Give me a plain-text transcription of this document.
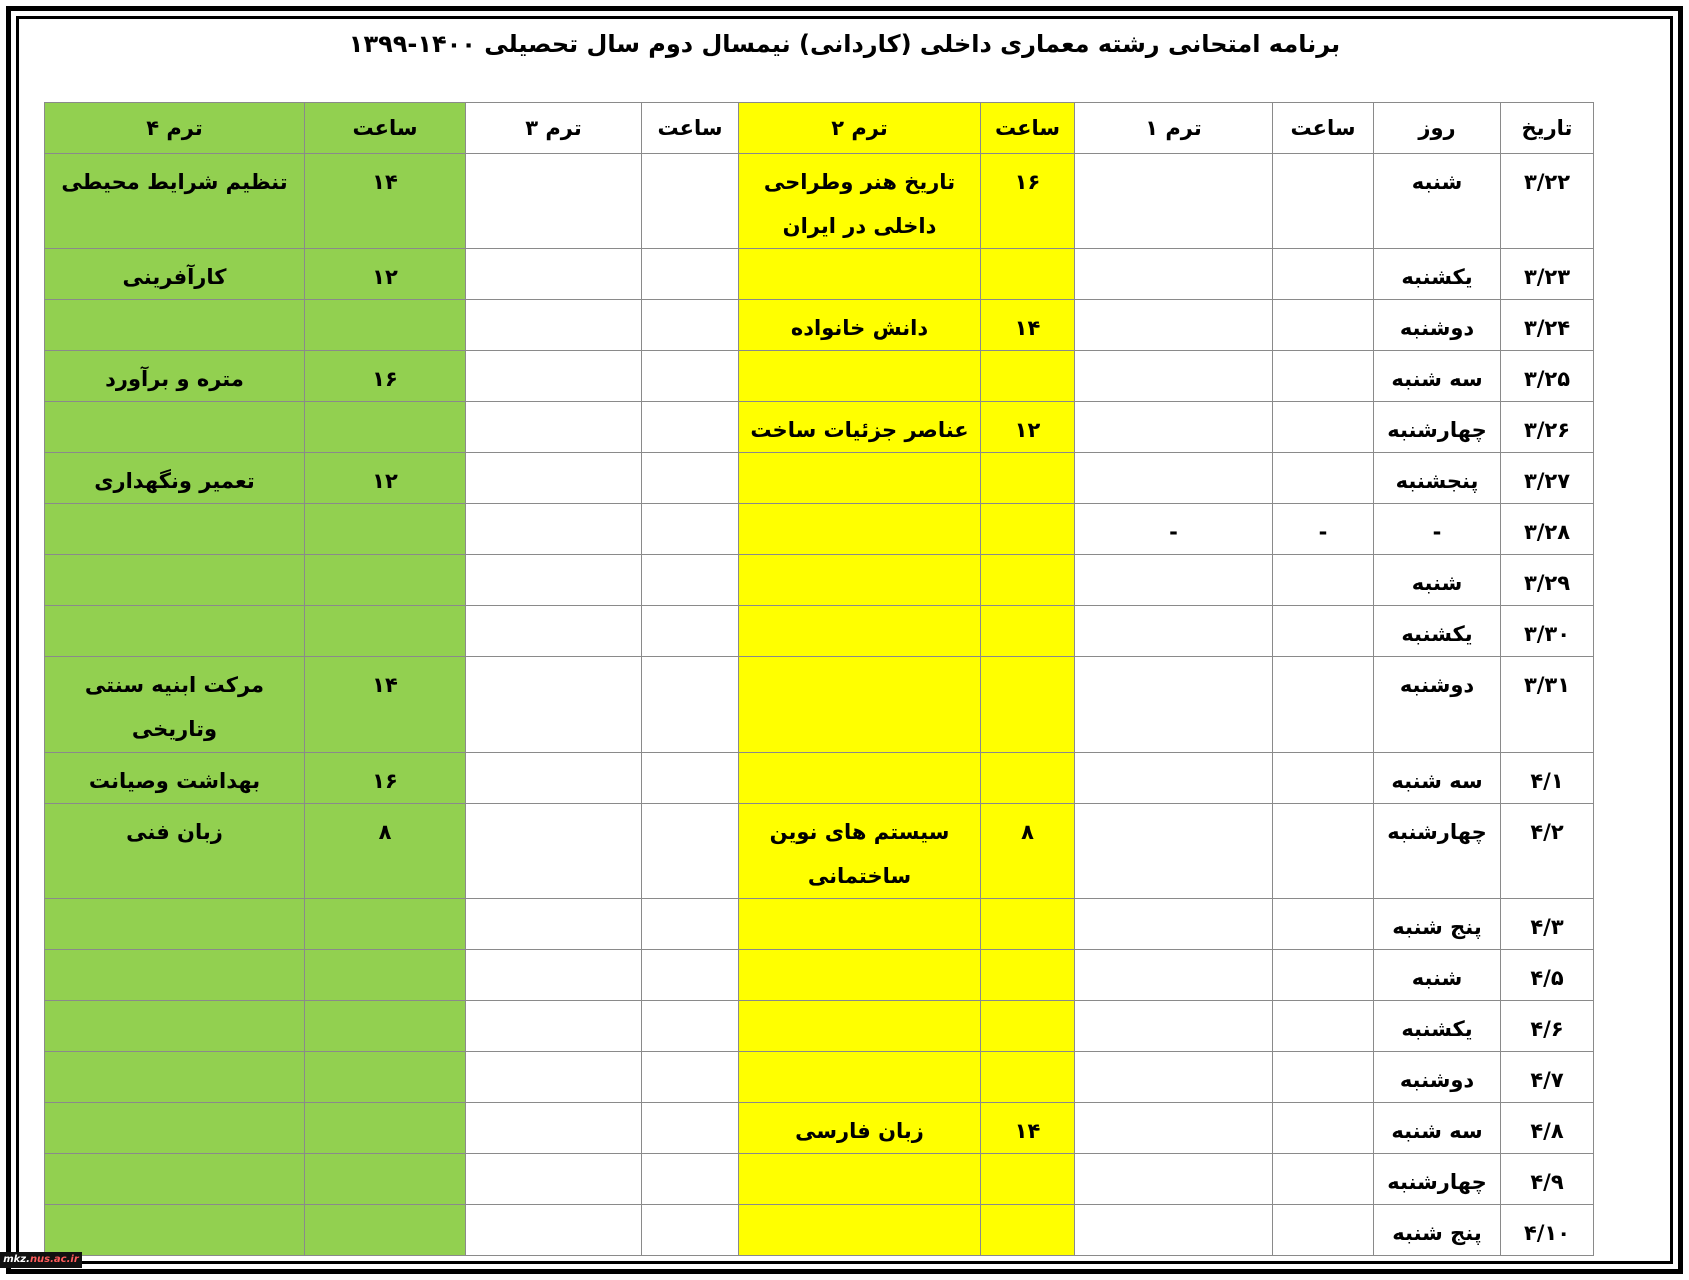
برنامه امتحانی رشته معماری داخلی (کاردانی) نیمسال دوم سال تحصیلی ۱۴۰۰-۱۳۹۹
تاریخ	روز	ساعت	ترم ۱	ساعت	ترم ۲	ساعت	ترم ۳	ساعت	ترم ۴
۳/۲۲	شنبه			۱۶	تاریخ هنر وطراحی داخلی در ایران			۱۴	تنظیم شرایط محیطی
۳/۲۳	یکشنبه							۱۲	کارآفرینی
۳/۲۴	دوشنبه			۱۴	دانش خانواده				
۳/۲۵	سه شنبه							۱۶	متره و برآورد
۳/۲۶	چهارشنبه			۱۲	عناصر جزئیات ساخت				
۳/۲۷	پنجشنبه							۱۲	تعمیر ونگهداری
۳/۲۸	-	-	-						
۳/۲۹	شنبه								
۳/۳۰	یکشنبه								
۳/۳۱	دوشنبه							۱۴	مرکت ابنیه سنتی وتاریخی
۴/۱	سه شنبه							۱۶	بهداشت وصیانت
۴/۲	چهارشنبه			۸	سیستم هاى نوین ساختمانی			۸	زبان فنی
۴/۳	پنج شنبه								
۴/۵	شنبه								
۴/۶	یکشنبه								
۴/۷	دوشنبه								
۴/۸	سه شنبه			۱۴	زبان فارسی				
۴/۹	چهارشنبه								
۴/۱۰	پنج شنبه								
mkz.nus.ac.ir
